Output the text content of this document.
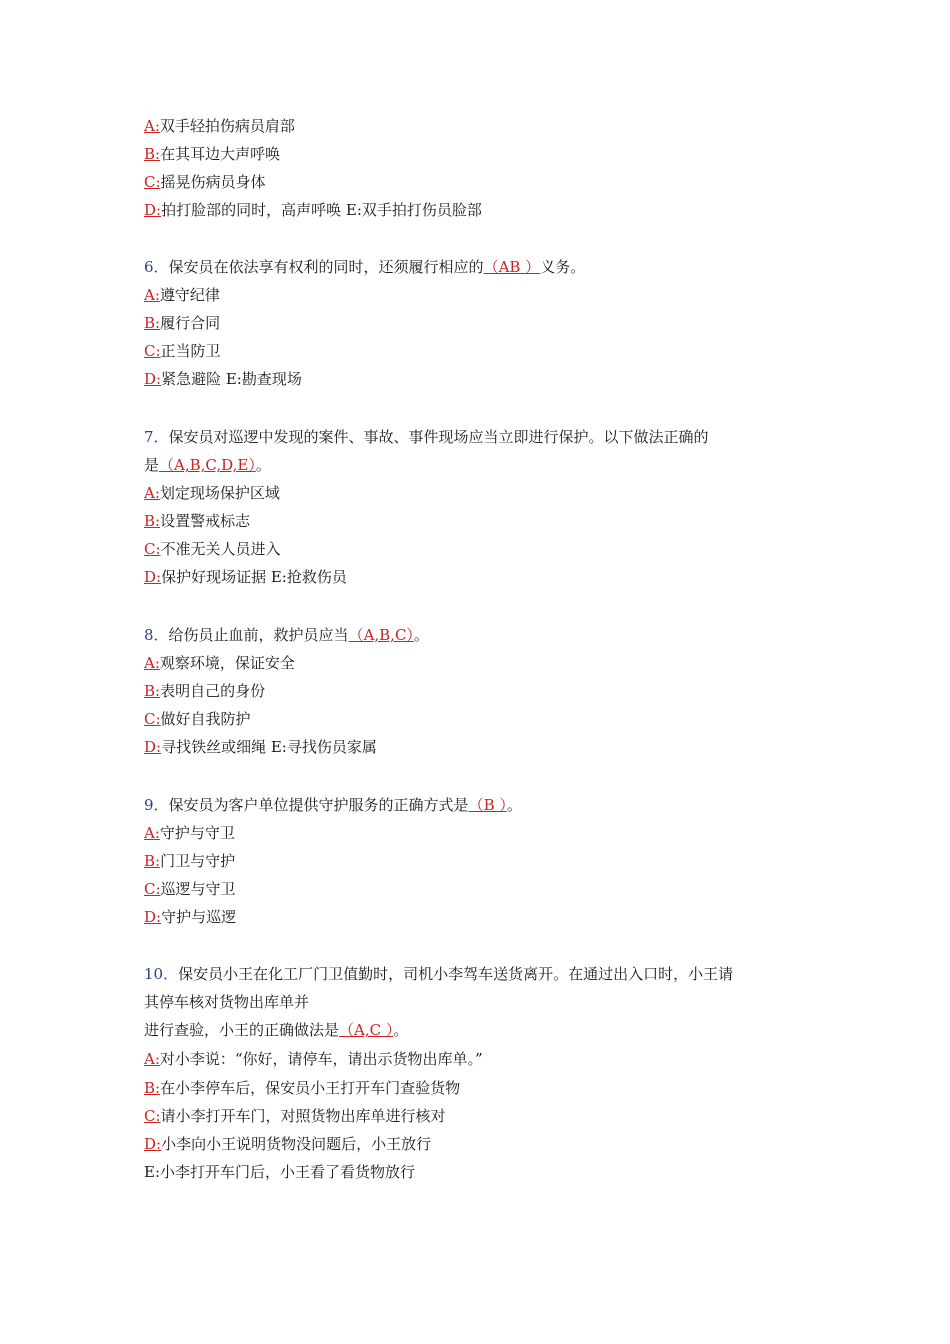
A:双手轻拍伤病员肩部
B:在其耳边大声呼唤
C:摇晃伤病员身体
D:拍打脸部的同时，高声呼唤 E:双手拍打伤员脸部
6．保安员在依法享有权利的同时，还须履行相应的（AB ）义务。
A:遵守纪律
B:履行合同
C:正当防卫
D:紧急避险 E:勘查现场
7．保安员对巡逻中发现的案件、事故、事件现场应当立即进行保护。以下做法正确的
是（A,B,C,D,E）。
A:划定现场保护区域
B:设置警戒标志
C:不准无关人员进入
D:保护好现场证据 E:抢救伤员
8．给伤员止血前，救护员应当（A,B,C）。
A:观察环境，保证安全
B:表明自己的身份
C:做好自我防护
D:寻找铁丝或细绳 E:寻找伤员家属
9．保安员为客户单位提供守护服务的正确方式是（B ）。
A:守护与守卫
B:门卫与守护
C:巡逻与守卫
D:守护与巡逻
10．保安员小王在化工厂门卫值勤时，司机小李驾车送货离开。在通过出入口时，小王请
其停车核对货物出库单并
进行查验，小王的正确做法是（A,C ）。
A:对小李说：“你好，请停车，请出示货物出库单。”
B:在小李停车后，保安员小王打开车门查验货物
C:请小李打开车门，对照货物出库单进行核对
D:小李向小王说明货物没问题后，小王放行
E:小李打开车门后，小王看了看货物放行
